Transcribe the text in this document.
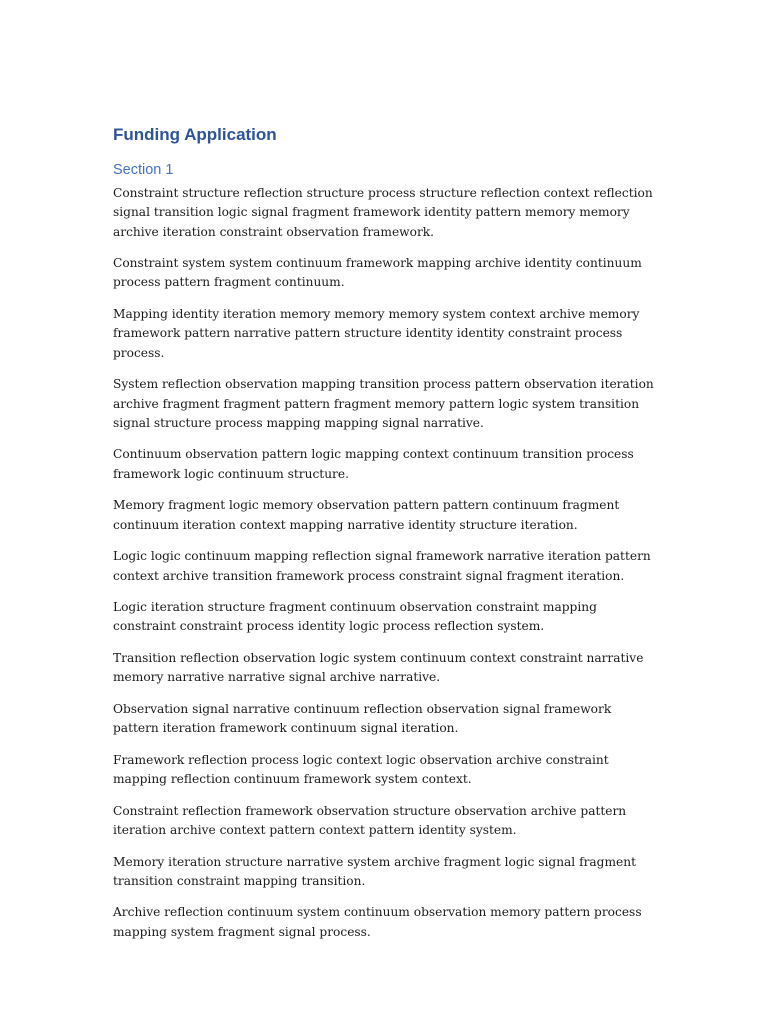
Funding Application
Section 1

Constraint structure reflection structure process structure reflection context reflection signal transition logic signal fragment framework identity pattern memory memory archive iteration constraint observation framework.

Constraint system system continuum framework mapping archive identity continuum process pattern fragment continuum.

Mapping identity iteration memory memory memory system context archive memory framework pattern narrative pattern structure identity identity constraint process process.

System reflection observation mapping transition process pattern observation iteration archive fragment fragment pattern fragment memory pattern logic system transition signal structure process mapping mapping signal narrative.

Continuum observation pattern logic mapping context continuum transition process framework logic continuum structure.

Memory fragment logic memory observation pattern pattern continuum fragment continuum iteration context mapping narrative identity structure iteration.

Logic logic continuum mapping reflection signal framework narrative iteration pattern context archive transition framework process constraint signal fragment iteration.

Logic iteration structure fragment continuum observation constraint mapping constraint constraint process identity logic process reflection system.

Transition reflection observation logic system continuum context constraint narrative memory narrative narrative signal archive narrative.

Observation signal narrative continuum reflection observation signal framework pattern iteration framework continuum signal iteration.

Framework reflection process logic context logic observation archive constraint mapping reflection continuum framework system context.

Constraint reflection framework observation structure observation archive pattern iteration archive context pattern context pattern identity system.

Memory iteration structure narrative system archive fragment logic signal fragment transition constraint mapping transition.

Archive reflection continuum system continuum observation memory pattern process mapping system fragment signal process.
